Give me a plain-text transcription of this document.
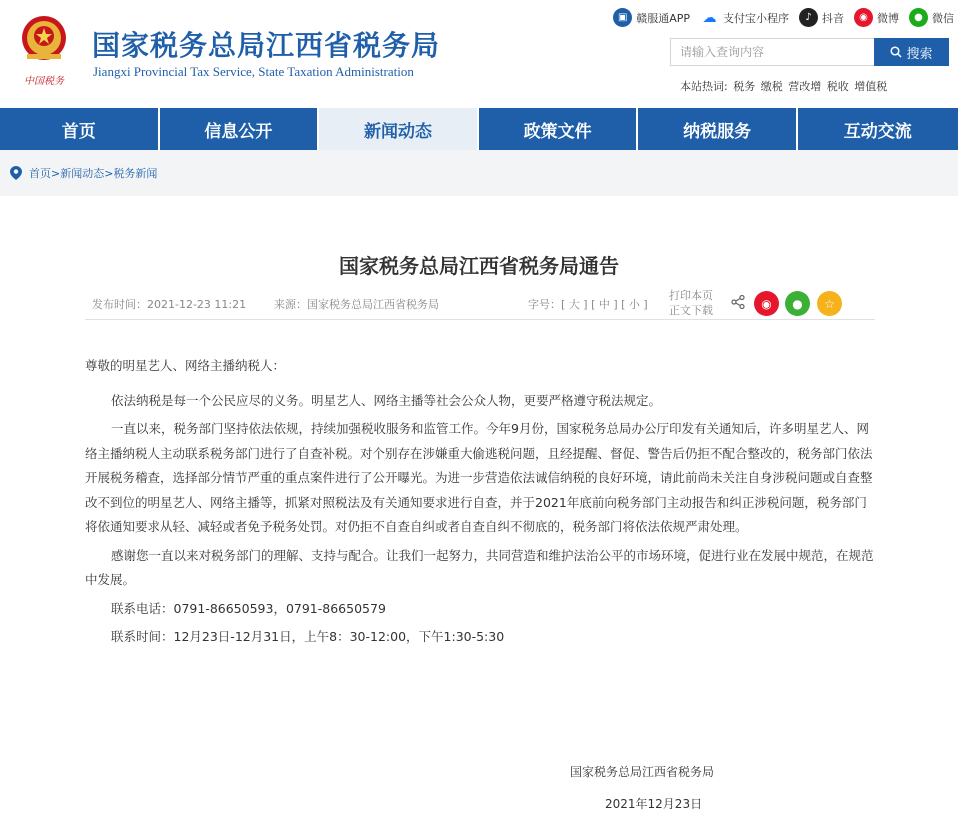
中国税务
国家税务总局江西省税务局
Jiangxi Provincial Tax Service, State Taxation Administration
▣ 赣服通APP ☁ 支付宝小程序	♪ 抖音	◉ 微博	● 微信
请输入查询内容	搜索
本站热词: 税务 缴税 营改增 税收 增值税
首页	信息公开	新闻动态	政策文件	纳税服务	互动交流
首页> 新闻动态> 税务新闻
国家税务总局江西省税务局通告
发布时间：2021-12-23 11:21	来源：国家税务总局江西省税务局	字号：[ 大 ] [ 中 ] [ 小 ]
打印本页
正文下载	◉ ● ☆

尊敬的明星艺人、网络主播纳税人：

依法纳税是每一个公民应尽的义务。明星艺人、网络主播等社会公众人物，更要严格遵守税法规定。

一直以来，税务部门坚持依法依规，持续加强税收服务和监管工作。今年9月份，国家税务总局办公厅印发有关通知后，许多明星艺人、网络主播纳税人主动联系税务部门进行了自查补税。对个别存在涉嫌重大偷逃税问题，且经提醒、督促、警告后仍拒不配合整改的，税务部门依法开展税务稽查，选择部分情节严重的重点案件进行了公开曝光。为进一步营造依法诚信纳税的良好环境，请此前尚未关注自身涉税问题或自查整改不到位的明星艺人、网络主播等，抓紧对照税法及有关通知要求进行自查，并于2021年底前向税务部门主动报告和纠正涉税问题，税务部门将依通知要求从轻、减轻或者免予税务处罚。对仍拒不自查自纠或者自查自纠不彻底的，税务部门将依法依规严肃处理。

感谢您一直以来对税务部门的理解、支持与配合。让我们一起努力，共同营造和维护法治公平的市场环境，促进行业在发展中规范，在规范中发展。

联系电话：0791-86650593，0791-86650579

联系时间：12月23日-12月31日，上午8：30-12:00，下午1:30-5:30

国家税务总局江西省税务局
2021年12月23日
